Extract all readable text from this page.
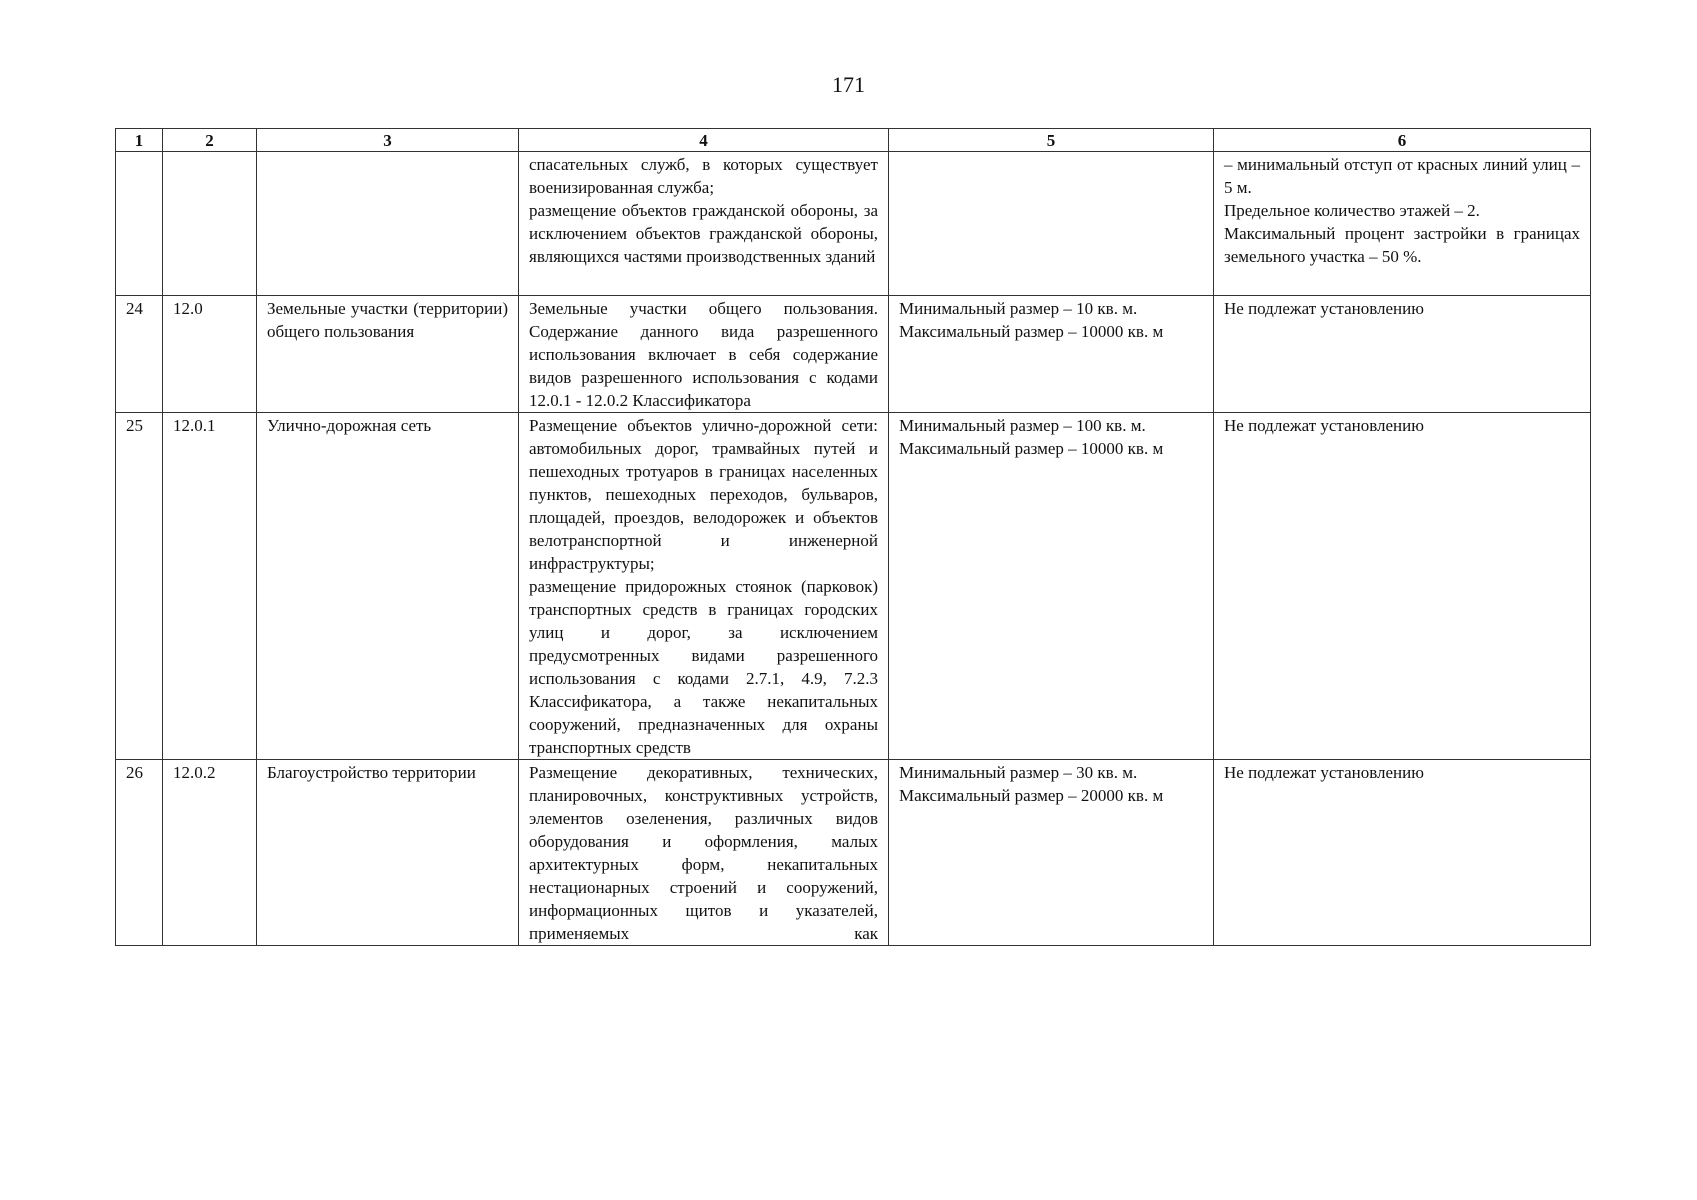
171
1	2	3	4	5	6

			спасательных служб, в которых существует военизированная служба;
размещение объектов гражданской обороны, за исключением объектов гражданской обороны, являющихся частями производственных зданий		– минимальный отступ от красных линий улиц – 5 м.
Предельное количество этажей – 2.
Максимальный процент застройки в границах земельного участка – 50 %.

24	12.0	Земельные участки (территории) общего пользования	Земельные участки общего пользования. Содержание данного вида разрешенного использования включает в себя содержание видов разрешенного использования с кодами 12.0.1 - 12.0.2 Классификатора	Минимальный размер – 10 кв. м.
Максимальный размер – 10000 кв. м	Не подлежат установлению
25	12.0.1	Улично-дорожная сеть	Размещение объектов улично-дорожной сети: автомобильных дорог, трамвайных путей и пешеходных тротуаров в границах населенных пунктов, пешеходных переходов, бульваров, площадей, проездов, велодорожек и объектов велотранспортной и инженерной инфраструктуры;
размещение придорожных стоянок (парковок) транспортных средств в границах городских улиц и дорог, за исключением предусмотренных видами разрешенного использования с кодами 2.7.1, 4.9, 7.2.3 Классификатора, а также некапитальных сооружений, предназначенных для охраны транспортных средств	Минимальный размер – 100 кв. м.
Максимальный размер – 10000 кв. м	Не подлежат установлению
26	12.0.2	Благоустройство территории	Размещение декоративных, технических, планировочных, конструктивных устройств, элементов озеленения, различных видов оборудования и оформления, малых архитектурных форм, некапитальных нестационарных строений и сооружений, информационных щитов и указателей, применяемых как	Минимальный размер – 30 кв. м.
Максимальный размер – 20000 кв. м	Не подлежат установлению
